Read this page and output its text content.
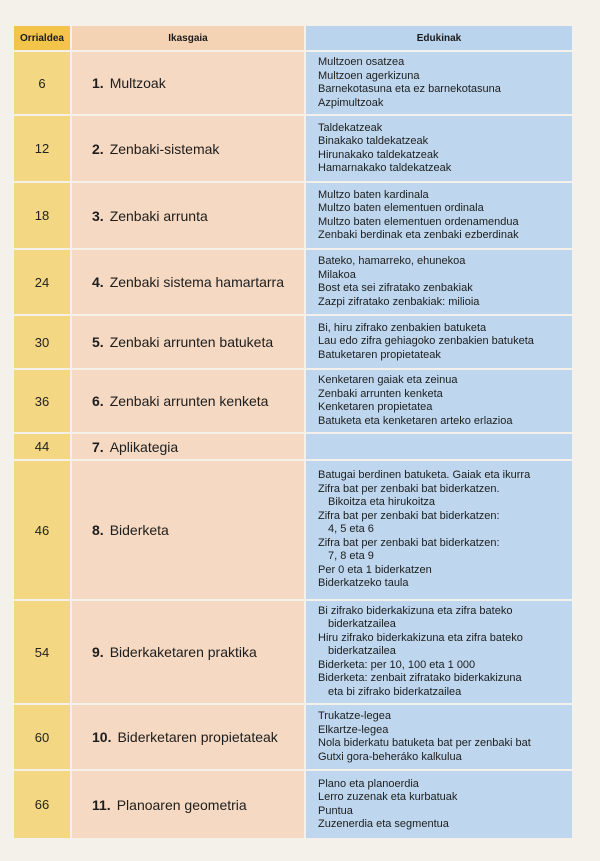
Orrialdea	Ikasgaia	Edukinak
6	1. Multzoak
Multzoen osatzea
Multzoen agerkizuna
Barnekotasuna eta ez barnekotasuna
Azpimultzoak
12	2. Zenbaki-sistemak
Taldekatzeak
Binakako taldekatzeak
Hirunakako taldekatzeak
Hamarnakako taldekatzeak
18	3. Zenbaki arrunta
Multzo baten kardinala
Multzo baten elementuen ordinala
Multzo baten elementuen ordenamendua
Zenbaki berdinak eta zenbaki ezberdinak
24	4. Zenbaki sistema hamartarra
Bateko, hamarreko, ehunekoa
Milakoa
Bost eta sei zifratako zenbakiak
Zazpi zifratako zenbakiak: milioia
30	5. Zenbaki arrunten batuketa
Bi, hiru zifrako zenbakien batuketa
Lau edo zifra gehiagoko zenbakien batuketa
Batuketaren propietateak
36	6. Zenbaki arrunten kenketa
Kenketaren gaiak eta zeinua
Zenbaki arrunten kenketa
Kenketaren propietatea
Batuketa eta kenketaren arteko erlazioa
44	7. Aplikategia
46	8. Biderketa
Batugai berdinen batuketa. Gaiak eta ikurra
Zifra bat per zenbaki bat biderkatzen.
Bikoitza eta hirukoitza
Zifra bat per zenbaki bat biderkatzen:
4, 5 eta 6
Zifra bat per zenbaki bat biderkatzen:
7, 8 eta 9
Per 0 eta 1 biderkatzen
Biderkatzeko taula
54	9. Biderkaketaren praktika
Bi zifrako biderkakizuna eta zifra bateko
biderkatzailea
Hiru zifrako biderkakizuna eta zifra bateko
biderkatzailea
Biderketa: per 10, 100 eta 1 000
Biderketa: zenbait zifratako biderkakizuna
eta bi zifrako biderkatzailea
60	10. Biderketaren propietateak
Trukatze-legea
Elkartze-legea
Nola biderkatu batuketa bat per zenbaki bat
Gutxi gora-beheráko kalkulua
66	11. Planoaren geometria
Plano eta planoerdia
Lerro zuzenak eta kurbatuak
Puntua
Zuzenerdia eta segmentua
